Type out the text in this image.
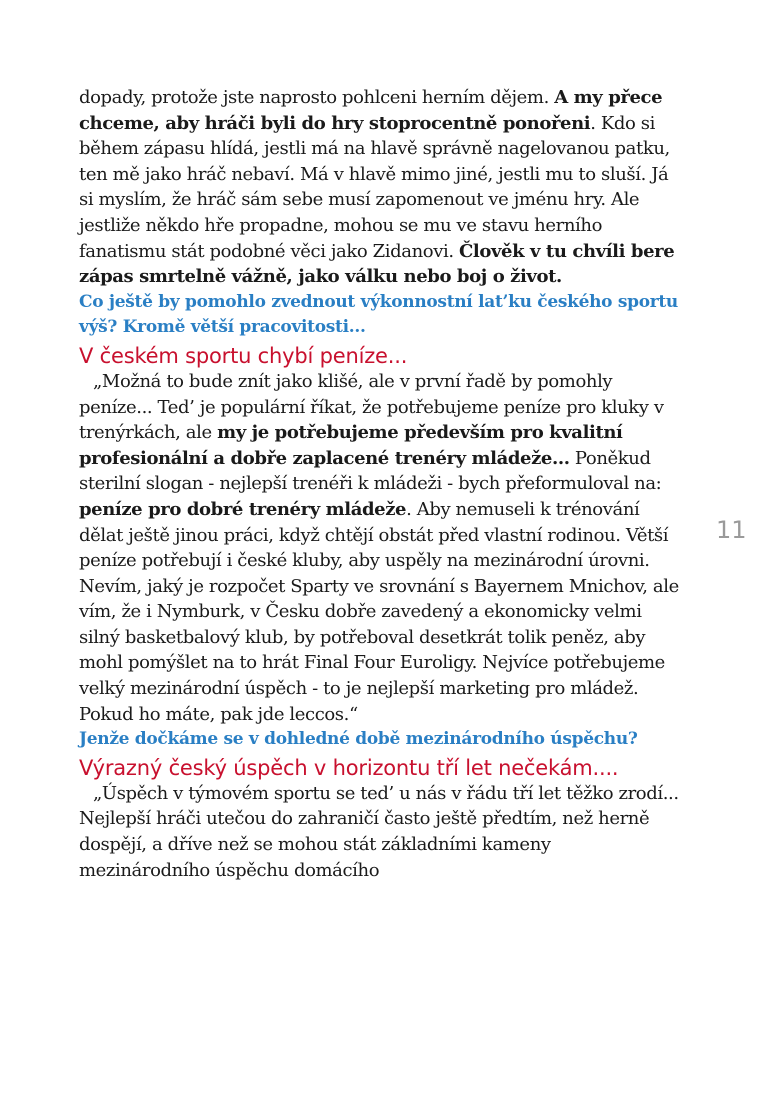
dopady, protože jste naprosto pohlceni herním dějem. A my přece chceme, aby hráči byli do hry stoprocentně ponořeni. Kdo si během zápasu hlídá, jestli má na hlavě správně nagelovanou patku, ten mě jako hráč nebaví. Má v hlavě mimo jiné, jestli mu to sluší. Já si myslím, že hráč sám sebe musí zapomenout ve jménu hry. Ale jestliže někdo hře propadne, mohou se mu ve stavu herního fanatismu stát podobné věci jako Zidanovi. Člověk v tu chvíli bere zápas smrtelně vážně, jako válku nebo boj o život.

Co ještě by pomohlo zvednout výkonnostní lat’ku českého sportu výš? Kromě větší pracovitosti...

V českém sportu chybí peníze...

„Možná to bude znít jako klišé, ale v první řadě by pomohly peníze... Ted’ je populární říkat, že potřebujeme peníze pro kluky v trenýrkách, ale my je potřebujeme především pro kvalitní profesionální a dobře zaplacené trenéry mládeže... Poněkud sterilní slogan - nejlepší trenéři k mládeži - bych přeformuloval na: peníze pro dobré trenéry mládeže. Aby nemuseli k trénování dělat ještě jinou práci, když chtějí obstát před vlastní rodinou. Větší peníze potřebují i české kluby, aby uspěly na mezinárodní úrovni. Nevím, jaký je rozpočet Sparty ve srovnání s Bayernem Mnichov, ale vím, že i Nymburk, v Česku dobře zavedený a ekonomicky velmi silný basketbalový klub, by potřeboval desetkrát tolik peněz, aby mohl pomýšlet na to hrát Final Four Euroligy. Nejvíce potřebujeme velký mezinárodní úspěch - to je nejlepší marketing pro mládež. Pokud ho máte, pak jde leccos.“

Jenže dočkáme se v dohledné době mezinárodního úspěchu?

Výrazný český úspěch v horizontu tří let nečekám....

„Úspěch v týmovém sportu se ted’ u nás v řádu tří let těžko zrodí... Nejlepší hráči utečou do zahraničí často ještě předtím, než herně dospějí, a dříve než se mohou stát základními kameny mezinárodního úspěchu domácího

11
